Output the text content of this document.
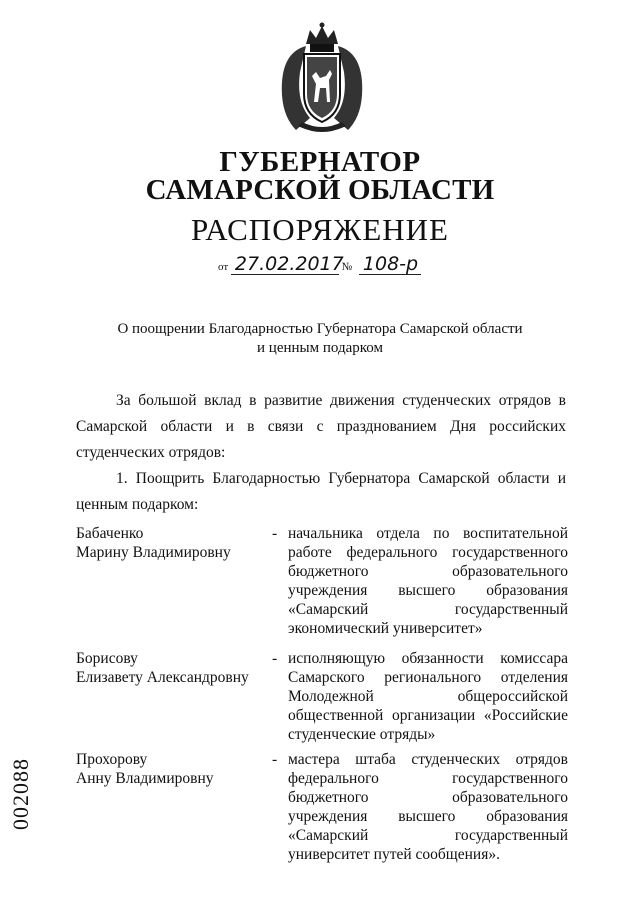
ГУБЕРНАТОР
САМАРСКОЙ ОБЛАСТИ
РАСПОРЯЖЕНИЕ
от 27.02.2017 № 108-р
О поощрении Благодарностью Губернатора Самарской области
и ценным подарком
За большой вклад в развитие движения студенческих отрядов в Самарской области и в связи с празднованием Дня российских студенческих отрядов:
1. Поощрить Благодарностью Губернатора Самарской области и ценным подарком:
Бабаченко
Марину Владимировну
- начальника отдела по воспитательной работе федерального государственного бюджетного образовательного учреждения высшего образования «Самарский государственный экономический университет»
Борисову
Елизавету Александровну
- исполняющую обязанности комиссара Самарского регионального отделения Молодежной общероссийской общественной организации «Российские студенческие отряды»
Прохорову
Анну Владимировну
- мастера штаба студенческих отрядов федерального государственного бюджетного образовательного учреждения высшего образования «Самарский государственный университет путей сообщения».
002088
